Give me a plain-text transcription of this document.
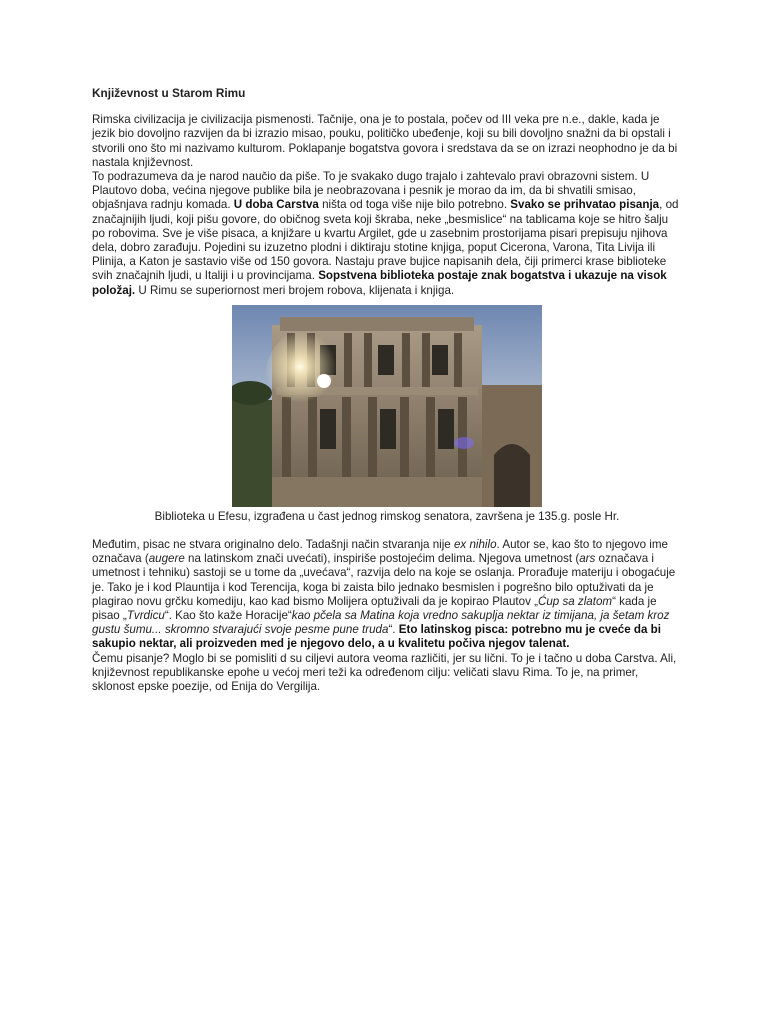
Književnost u Starom Rimu

Rimska civilizacija je civilizacija pismenosti. Tačnije, ona je to postala, počev od III veka pre n.e., dakle, kada je jezik bio dovoljno razvijen da bi izrazio misao, pouku, političko ubeđenje, koji su bili dovoljno snažni da bi opstali i stvorili ono što mi nazivamo kulturom. Poklapanje bogatstva govora i sredstava da se on izrazi neophodno je da bi nastala književnost.

To podrazumeva da je narod naučio da piše. To je svakako dugo trajalo i zahtevalo pravi obrazovni sistem. U Plautovo doba, većina njegove publike bila je neobrazovana i pesnik je morao da im, da bi shvatili smisao, objašnjava radnju komada. U doba Carstva ništa od toga više nije bilo potrebno. Svako se prihvatao pisanja, od značajnijih ljudi, koji pišu govore, do običnog sveta koji škraba, neke „besmislice“ na tablicama koje se hitro šalju po robovima. Sve je više pisaca, a knjižare u kvartu Argilet, gde u zasebnim prostorijama pisari prepisuju njihova dela, dobro zarađuju. Pojedini su izuzetno plodni i diktiraju stotine knjiga, poput Cicerona, Varona, Tita Livija ili Plinija, a Katon je sastavio više od 150 govora. Nastaju prave bujice napisanih dela, čiji primerci krase biblioteke svih značajnih ljudi, u Italiji i u provincijama. Sopstvena biblioteka postaje znak bogatstva i ukazuje na visok položaj. U Rimu se superiornost meri brojem robova, klijenata i knjiga.

Biblioteka u Efesu, izgrađena u čast jednog rimskog senatora, završena je 135.g. posle Hr.

Međutim, pisac ne stvara originalno delo. Tadašnji način stvaranja nije ex nihilo. Autor se, kao što to njegovo ime označava (augere na latinskom znači uvećati), inspiriše postojećim delima. Njegova umetnost (ars označava i umetnost i tehniku) sastoji se u tome da „uvećava“, razvija delo na koje se oslanja. Prorađuje materiju i obogaćuje je. Tako je i kod Plauntija i kod Terencija, koga bi zaista bilo jednako besmislen i pogrešno bilo optuživati da je plagirao novu grčku komediju, kao kad bismo Molijera optuživali da je kopirao Plautov „Ćup sa zlatom“ kada je pisao „Tvrdicu“. Kao što kaže Horacije“kao pčela sa Matina koja vredno sakuplja nektar iz timijana, ja šetam kroz gustu šumu... skromno stvarajući svoje pesme pune truda“. Eto latinskog pisca: potrebno mu je cveće da bi sakupio nektar, ali proizveden med je njegovo delo, a u kvalitetu počiva njegov talenat.

Čemu pisanje? Moglo bi se pomisliti d su ciljevi autora veoma različiti, jer su lični. To je i tačno u doba Carstva. Ali, književnost republikanske epohe u većoj meri teži ka određenom cilju: veličati slavu Rima. To je, na primer, sklonost epske poezije, od Enija do Vergilija.
